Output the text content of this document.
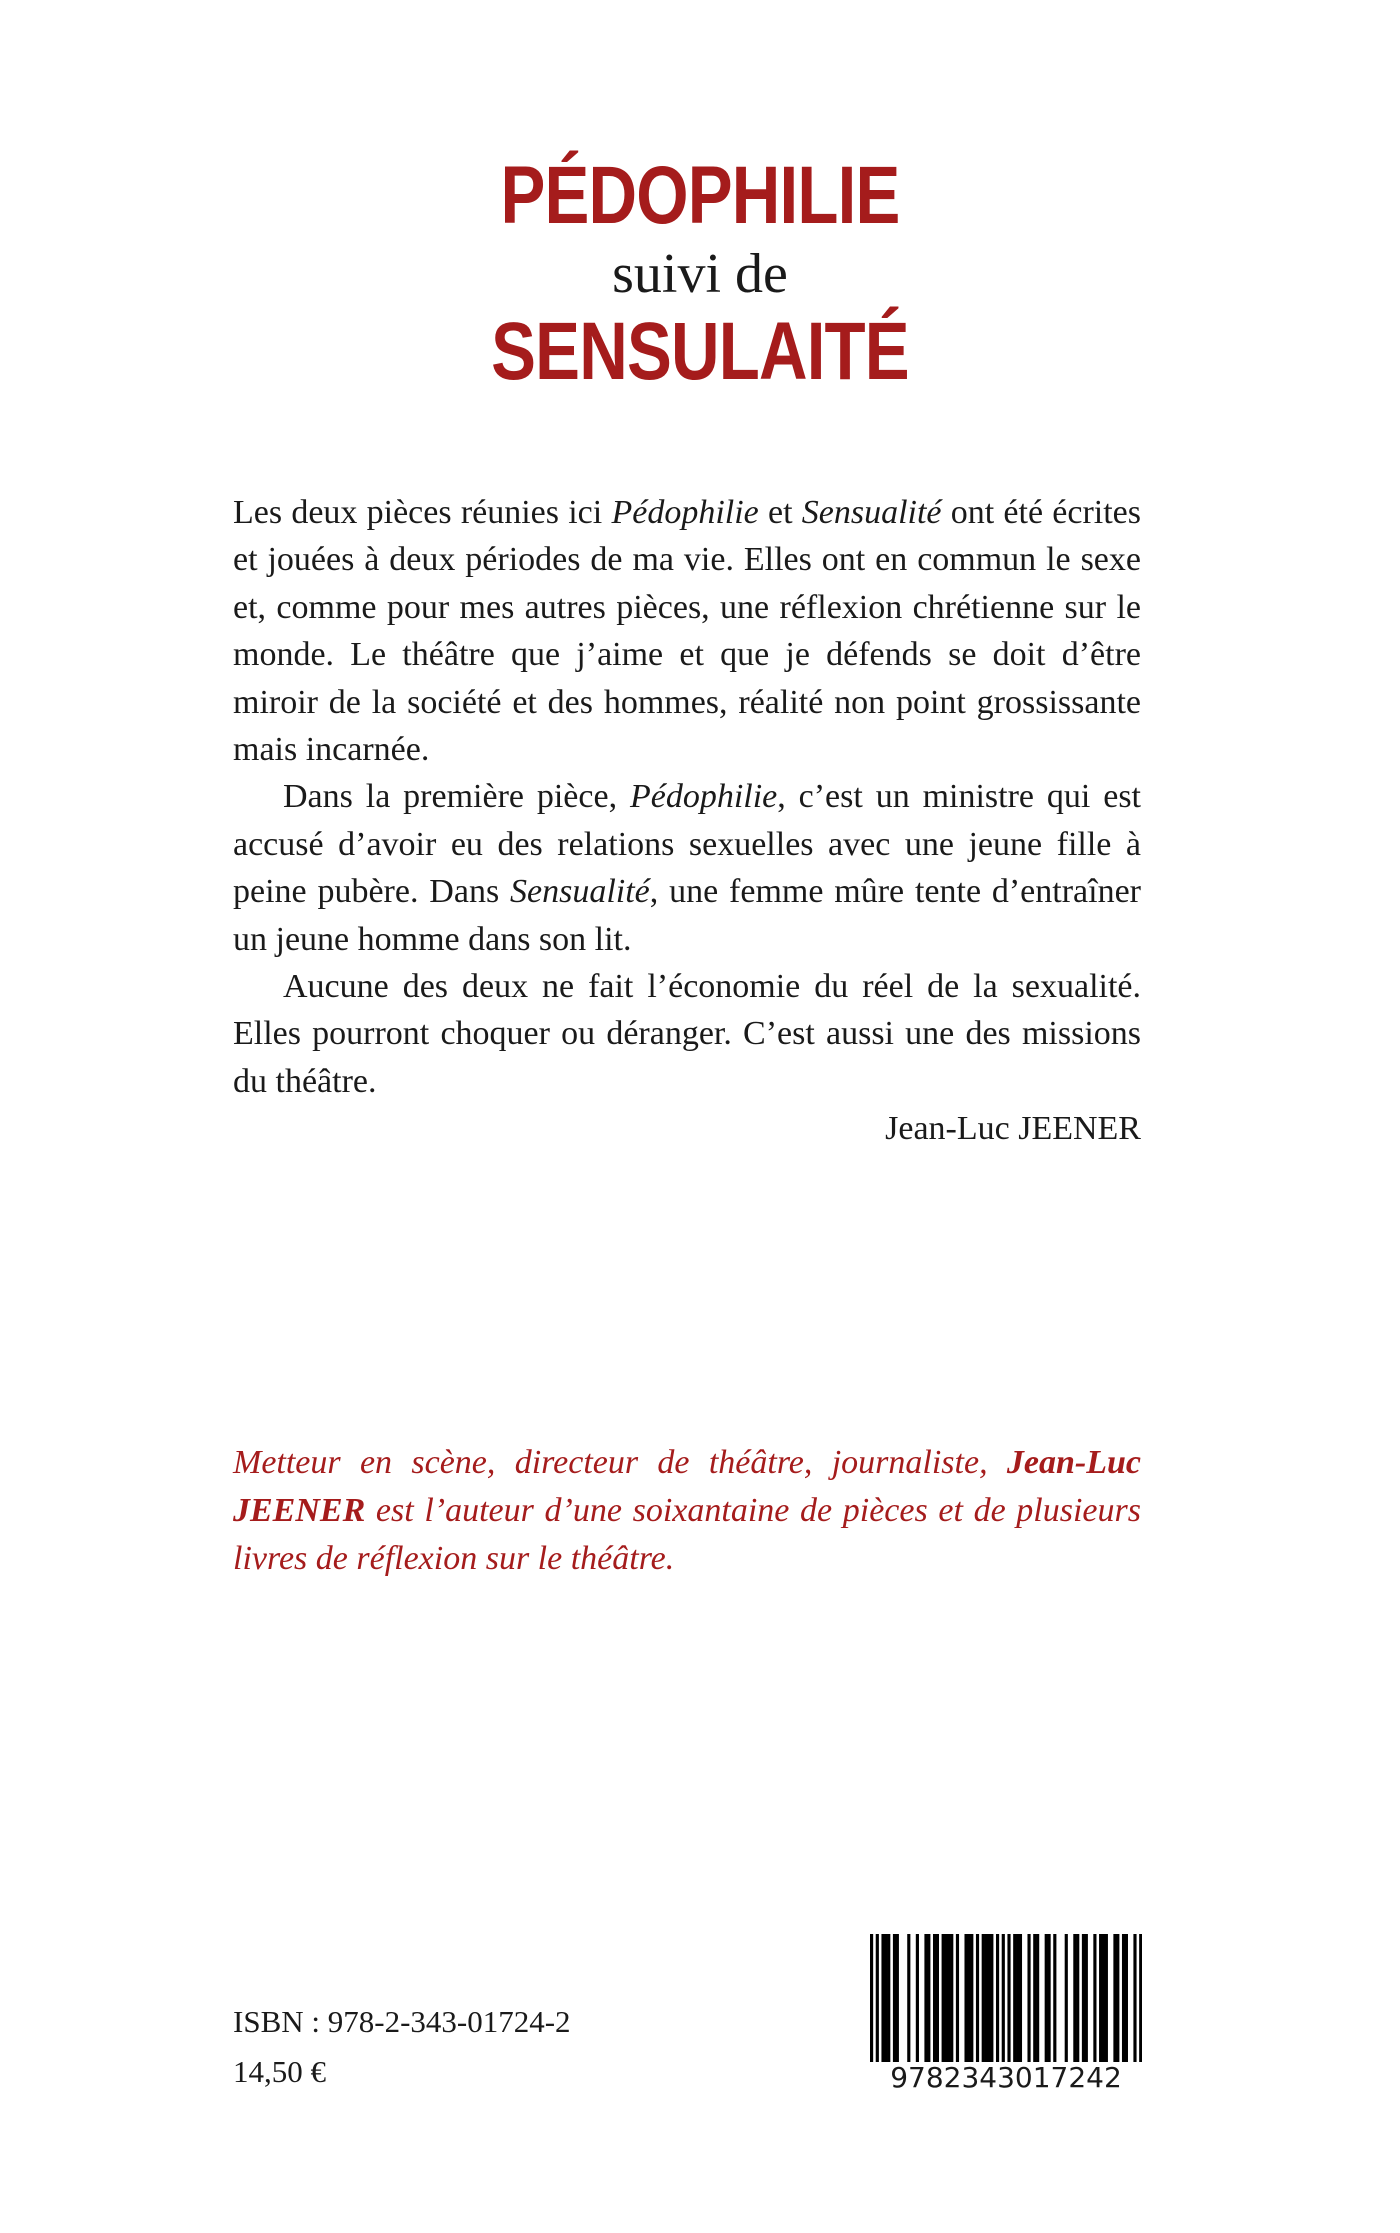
PÉDOPHILIE
suivi de
SENSULAITÉ

Les deux pièces réunies ici Pédophilie et Sensualité ont été écrites et jouées à deux périodes de ma vie. Elles ont en commun le sexe et, comme pour mes autres pièces, une réflexion chrétienne sur le monde. Le théâtre que j’aime et que je défends se doit d’être miroir de la société et des hommes, réalité non point grossissante mais incarnée.

Dans la première pièce, Pédophilie, c’est un ministre qui est accusé d’avoir eu des relations sexuelles avec une jeune fille à peine pubère. Dans Sensualité, une femme mûre tente d’entraîner un jeune homme dans son lit.

Aucune des deux ne fait l’économie du réel de la sexualité. Elles pourront choquer ou déranger. C’est aussi une des missions du théâtre.

Jean-Luc JEENER

Metteur en scène, directeur de théâtre, journaliste, Jean-Luc JEENER est l’auteur d’une soixantaine de pièces et de plusieurs livres de réflexion sur le théâtre.
ISBN : 978-2-343-01724-2
14,50 €	9782343017242
